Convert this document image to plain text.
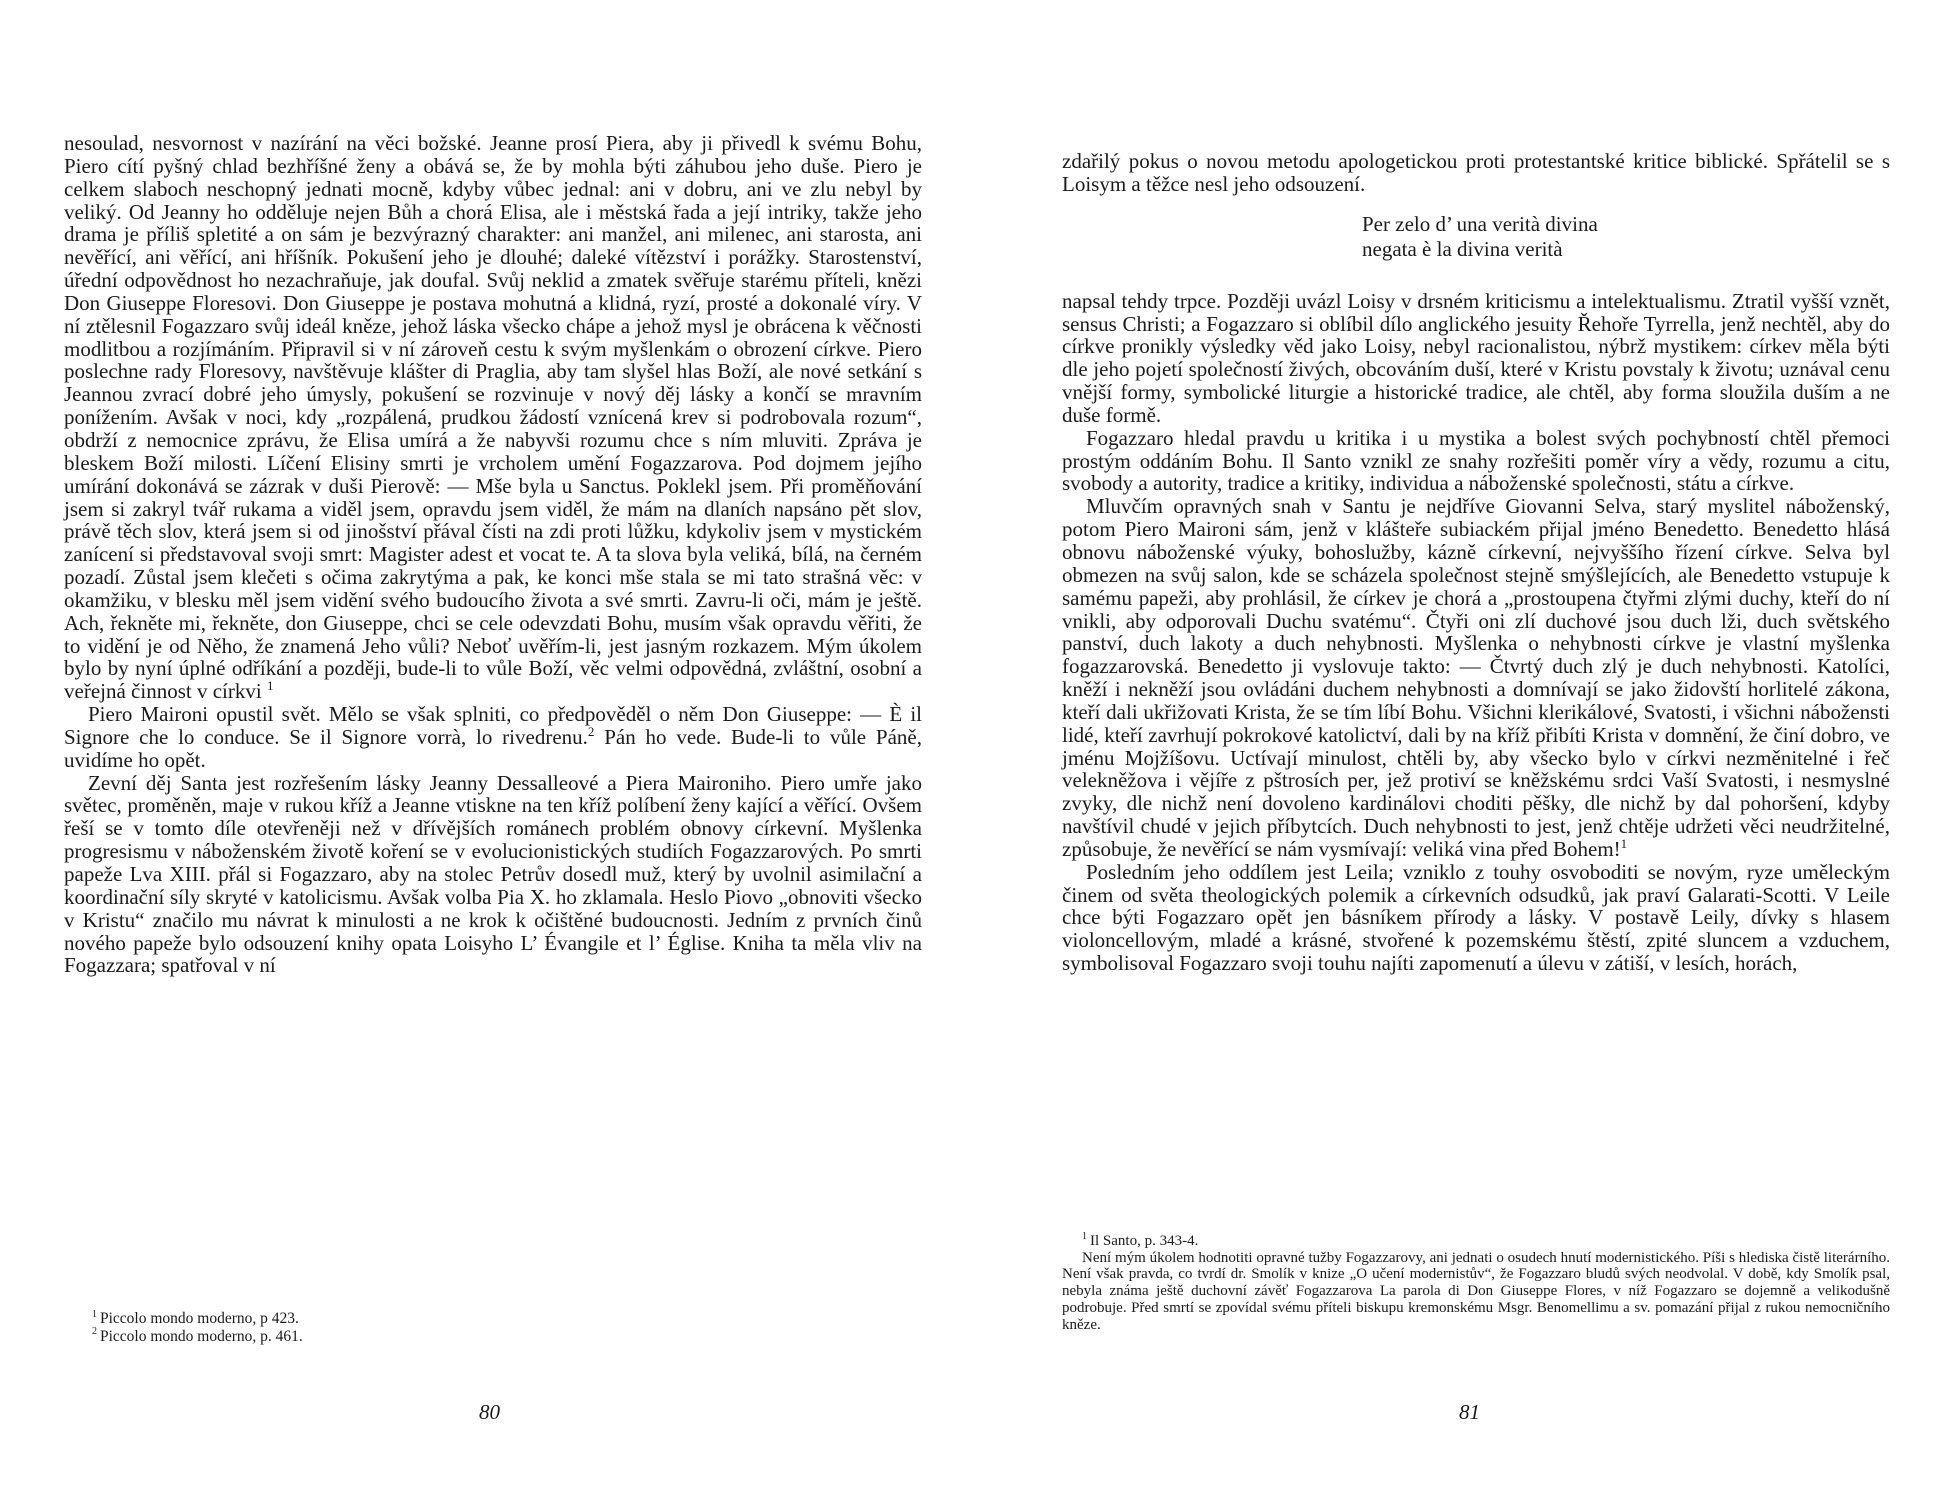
nesoulad, nesvornost v nazírání na věci božské. Jeanne prosí Piera, aby ji přivedl k svému Bohu, Piero cítí pyšný chlad bezhříšné ženy a obává se, že by mohla býti záhubou jeho duše. Piero je celkem slaboch neschopný jednati mocně, kdyby vůbec jednal: ani v dobru, ani ve zlu nebyl by veliký. Od Jeanny ho odděluje nejen Bůh a chorá Elisa, ale i městská řada a její intriky, takže jeho drama je příliš spletité a on sám je bezvýrazný charakter: ani manžel, ani milenec, ani starosta, ani nevěřící, ani věřící, ani hříšník. Pokušení jeho je dlouhé; daleké vítězství i porážky. Starostenství, úřední odpovědnost ho nezachraňuje, jak doufal. Svůj neklid a zmatek svěřuje starému příteli, knězi Don Giuseppe Floresovi. Don Giuseppe je postava mohutná a klidná, ryzí, prosté a dokonalé víry. V ní ztělesnil Fogazzaro svůj ideál kněze, jehož láska všecko chápe a jehož mysl je obrácena k věčnosti modlitbou a rozjímáním. Připravil si v ní zároveň cestu k svým myšlenkám o obrození církve. Piero poslechne rady Floresovy, navštěvuje klášter di Praglia, aby tam slyšel hlas Boží, ale nové setkání s Jeannou zvrací dobré jeho úmysly, pokušení se rozvinuje v nový děj lásky a končí se mravním ponížením. Avšak v noci, kdy „rozpálená, prudkou žádostí vznícená krev si podrobovala rozum“, obdrží z nemocnice zprávu, že Elisa umírá a že nabyvši rozumu chce s ním mluviti. Zpráva je bleskem Boží milosti. Líčení Elisiny smrti je vrcholem umění Fogazzarova. Pod dojmem jejího umírání dokonává se zázrak v duši Pierově: — Mše byla u Sanctus. Poklekl jsem. Při proměňování jsem si zakryl tvář rukama a viděl jsem, opravdu jsem viděl, že mám na dlaních napsáno pět slov, právě těch slov, která jsem si od jinošství přával čísti na zdi proti lůžku, kdykoliv jsem v mystickém zanícení si představoval svoji smrt: Magister adest et vocat te. A ta slova byla veliká, bílá, na černém pozadí. Zůstal jsem klečeti s očima zakrytýma a pak, ke konci mše stala se mi tato strašná věc: v okamžiku, v blesku měl jsem vidění svého budoucího života a své smrti. Zavru-li oči, mám je ještě. Ach, řekněte mi, řekněte, don Giuseppe, chci se cele odevzdati Bohu, musím však opravdu věřiti, že to vidění je od Něho, že znamená Jeho vůli? Neboť uvěřím-li, jest jasným rozkazem. Mým úkolem bylo by nyní úplné odříkání a později, bude-li to vůle Boží, věc velmi odpovědná, zvláštní, osobní a veřejná činnost v církvi $^1$

Piero Maironi opustil svět. Mělo se však splniti, co předpověděl o něm Don Giuseppe: — È il Signore che lo conduce. Se il Signore vorrà, lo rivedrenu.$^2$ Pán ho vede. Bude-li to vůle Páně, uvidíme ho opět.

Zevní děj Santa jest rozřešením lásky Jeanny Dessalleové a Piera Maironiho. Piero umře jako světec, proměněn, maje v rukou kříž a Jeanne vtiskne na ten kříž políbení ženy kající a věřící. Ovšem řeší se v tomto díle otevřeněji než v dřívějších románech problém obnovy církevní. Myšlenka progresismu v náboženském životě koření se v evolucionistických studiích Fogazzarových. Po smrti papeže Lva XIII. přál si Fogazzaro, aby na stolec Petrův dosedl muž, který by uvolnil asimilační a koordinační síly skryté v katolicismu. Avšak volba Pia X. ho zklamala. Heslo Piovo „obnoviti všecko v Kristu“ značilo mu návrat k minulosti a ne krok k očištěné budoucnosti. Jedním z prvních činů nového papeže bylo odsouzení knihy opata Loisyho L’ Évangile et l’ Église. Kniha ta měla vliv na Fogazzara; spatřoval v ní

$^1$ Piccolo mondo moderno, p 423.

$^2$ Piccolo mondo moderno, p. 461.

80

zdařilý pokus o novou metodu apologetickou proti protestantské kritice biblické. Spřátelil se s Loisym a těžce nesl jeho odsouzení.

Per zelo d’ una verità divina
negata è la divina verità

napsal tehdy trpce. Později uvázl Loisy v drsném kriticismu a intelektualismu. Ztratil vyšší vznět, sensus Christi; a Fogazzaro si oblíbil dílo anglického jesuity Řehoře Tyrrella, jenž nechtěl, aby do církve pronikly výsledky věd jako Loisy, nebyl racionalistou, nýbrž mystikem: církev měla býti dle jeho pojetí společností živých, obcováním duší, které v Kristu povstaly k životu; uznával cenu vnější formy, symbolické liturgie a historické tradice, ale chtěl, aby forma sloužila duším a ne duše formě.

Fogazzaro hledal pravdu u kritika i u mystika a bolest svých pochybností chtěl přemoci prostým oddáním Bohu. Il Santo vznikl ze snahy rozřešiti poměr víry a vědy, rozumu a citu, svobody a autority, tradice a kritiky, individua a náboženské společnosti, státu a církve.

Mluvčím opravných snah v Santu je nejdříve Giovanni Selva, starý myslitel náboženský, potom Piero Maironi sám, jenž v klášteře subiackém přijal jméno Benedetto. Benedetto hlásá obnovu náboženské výuky, bohoslužby, kázně církevní, nejvyššího řízení církve. Selva byl obmezen na svůj salon, kde se scházela společnost stejně smýšlejících, ale Benedetto vstupuje k samému papeži, aby prohlásil, že církev je chorá a „prostoupena čtyřmi zlými duchy, kteří do ní vnikli, aby odporovali Duchu svatému“. Čtyři oni zlí duchové jsou duch lži, duch světského panství, duch lakoty a duch nehybnosti. Myšlenka o nehybnosti církve je vlastní myšlenka fogazzarovská. Benedetto ji vyslovuje takto: — Čtvrtý duch zlý je duch nehybnosti. Katolíci, kněží i nekněží jsou ovládáni duchem nehybnosti a domnívají se jako židovští horlitelé zákona, kteří dali ukřižovati Krista, že se tím líbí Bohu. Všichni klerikálové, Svatosti, i všichni nábožensti lidé, kteří zavrhují pokrokové katolictví, dali by na kříž přibíti Krista v domnění, že činí dobro, ve jménu Mojžíšovu. Uctívají minulost, chtěli by, aby všecko bylo v církvi nezměnitelné i řeč velekněžova i vějíře z pštrosích per, jež protiví se kněžskému srdci Vaší Svatosti, i nesmyslné zvyky, dle nichž není dovoleno kardinálovi choditi pěšky, dle nichž by dal pohoršení, kdyby navštívil chudé v jejich příbytcích. Duch nehybnosti to jest, jenž chtěje udržeti věci neudržitelné, způsobuje, že nevěřící se nám vysmívají: veliká vina před Bohem!$^1$

Posledním jeho oddílem jest Leila; vzniklo z touhy osvoboditi se novým, ryze uměleckým činem od světa theologických polemik a církevních odsudků, jak praví Galarati-Scotti. V Leile chce býti Fogazzaro opět jen básníkem přírody a lásky. V postavě Leily, dívky s hlasem violoncellovým, mladé a krásné, stvořené k pozemskému štěstí, zpité sluncem a vzduchem, symbolisoval Fogazzaro svoji touhu najíti zapomenutí a úlevu v zátiší, v lesích, horách,

$^1$ Il Santo, p. 343-4.

Není mým úkolem hodnotiti opravné tužby Fogazzarovy, ani jednati o osudech hnutí modernistického. Píši s hlediska čistě literárního. Není však pravda, co tvrdí dr. Smolík v knize „O učení modernistův“, že Fogazzaro bludů svých neodvolal. V době, kdy Smolík psal, nebyla známa ještě duchovní závěť Fogazzarova La parola di Don Giuseppe Flores, v níž Fogazzaro se dojemně a velikodušně podrobuje. Před smrtí se zpovídal svému příteli biskupu kremonskému Msgr. Benomellimu a sv. pomazání přijal z rukou nemocničního kněze.

81
